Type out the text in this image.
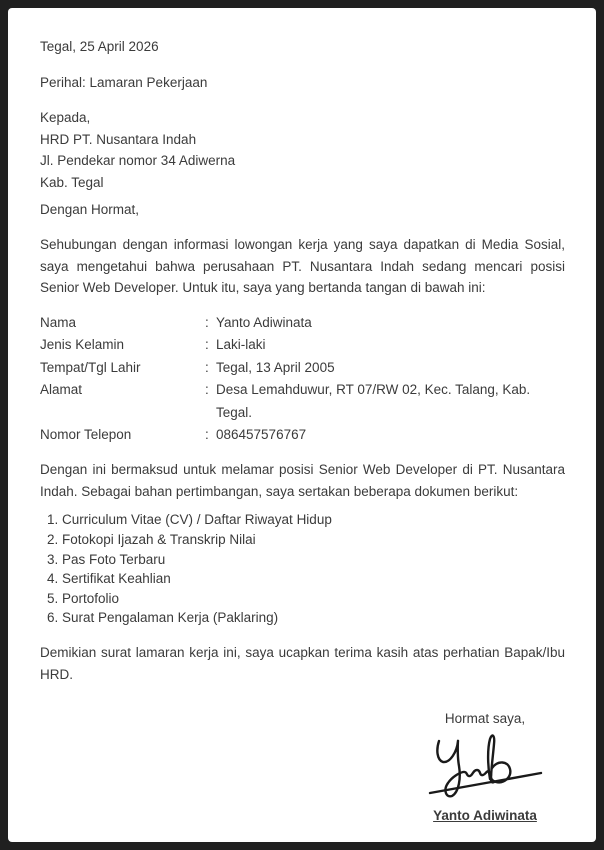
Tegal, 25 April 2026

Perihal: Lamaran Pekerjaan

Kepada,
HRD PT. Nusantara Indah
Jl. Pendekar nomor 34 Adiwerna
Kab. Tegal

Dengan Hormat,

Sehubungan dengan informasi lowongan kerja yang saya dapatkan di Media Sosial, saya mengetahui bahwa perusahaan PT. Nusantara Indah sedang mencari posisi Senior Web Developer. Untuk itu, saya yang bertanda tangan di bawah ini:

Nama	: Yanto Adiwinata
Jenis Kelamin	: Laki-laki
Tempat/Tgl Lahir	: Tegal, 13 April 2005
Alamat	: Desa Lemahduwur, RT 07/RW 02, Kec. Talang, Kab. Tegal.
Nomor Telepon	: 086457576767

Dengan ini bermaksud untuk melamar posisi Senior Web Developer di PT. Nusantara Indah. Sebagai bahan pertimbangan, saya sertakan beberapa dokumen berikut:

1. Curriculum Vitae (CV) / Daftar Riwayat Hidup
2. Fotokopi Ijazah & Transkrip Nilai
3. Pas Foto Terbaru
4. Sertifikat Keahlian
5. Portofolio
6. Surat Pengalaman Kerja (Paklaring)

Demikian surat lamaran kerja ini, saya ucapkan terima kasih atas perhatian Bapak/Ibu HRD.

Hormat saya,
Yanto Adiwinata
